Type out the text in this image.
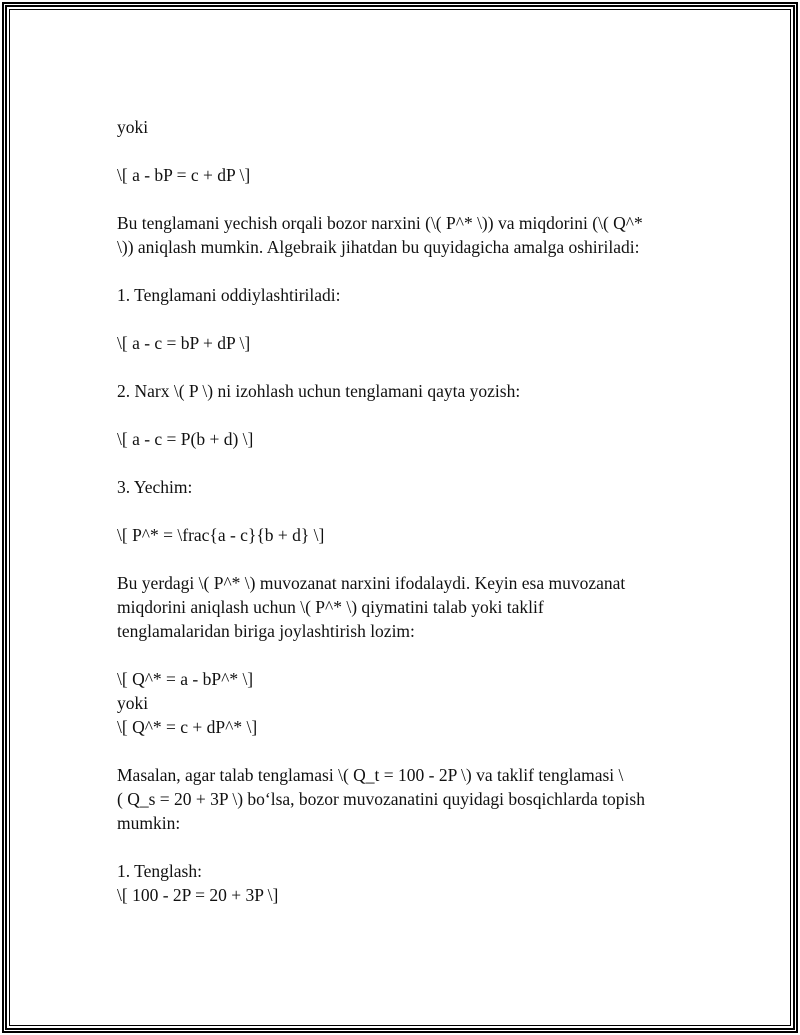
yoki
\[ a - bP = c + dP \]
Bu tenglamani yechish orqali bozor narxini (\( P^* \)) va miqdorini (\( Q^*
\)) aniqlash mumkin. Algebraik jihatdan bu quyidagicha amalga oshiriladi:
1. Tenglamani oddiylashtiriladi:
\[ a - c = bP + dP \]
2. Narx \( P \) ni izohlash uchun tenglamani qayta yozish:
\[ a - c = P(b + d) \]
3. Yechim:
\[ P^* = \frac{a - c}{b + d} \]
Bu yerdagi \( P^* \) muvozanat narxini ifodalaydi. Keyin esa muvozanat
miqdorini aniqlash uchun \( P^* \) qiymatini talab yoki taklif
tenglamalaridan biriga joylashtirish lozim:
\[ Q^* = a - bP^* \]
yoki
\[ Q^* = c + dP^* \]
Masalan, agar talab tenglamasi \( Q_t = 100 - 2P \) va taklif tenglamasi \
( Q_s = 20 + 3P \) bo‘lsa, bozor muvozanatini quyidagi bosqichlarda topish
mumkin:
1. Tenglash:
\[ 100 - 2P = 20 + 3P \]
